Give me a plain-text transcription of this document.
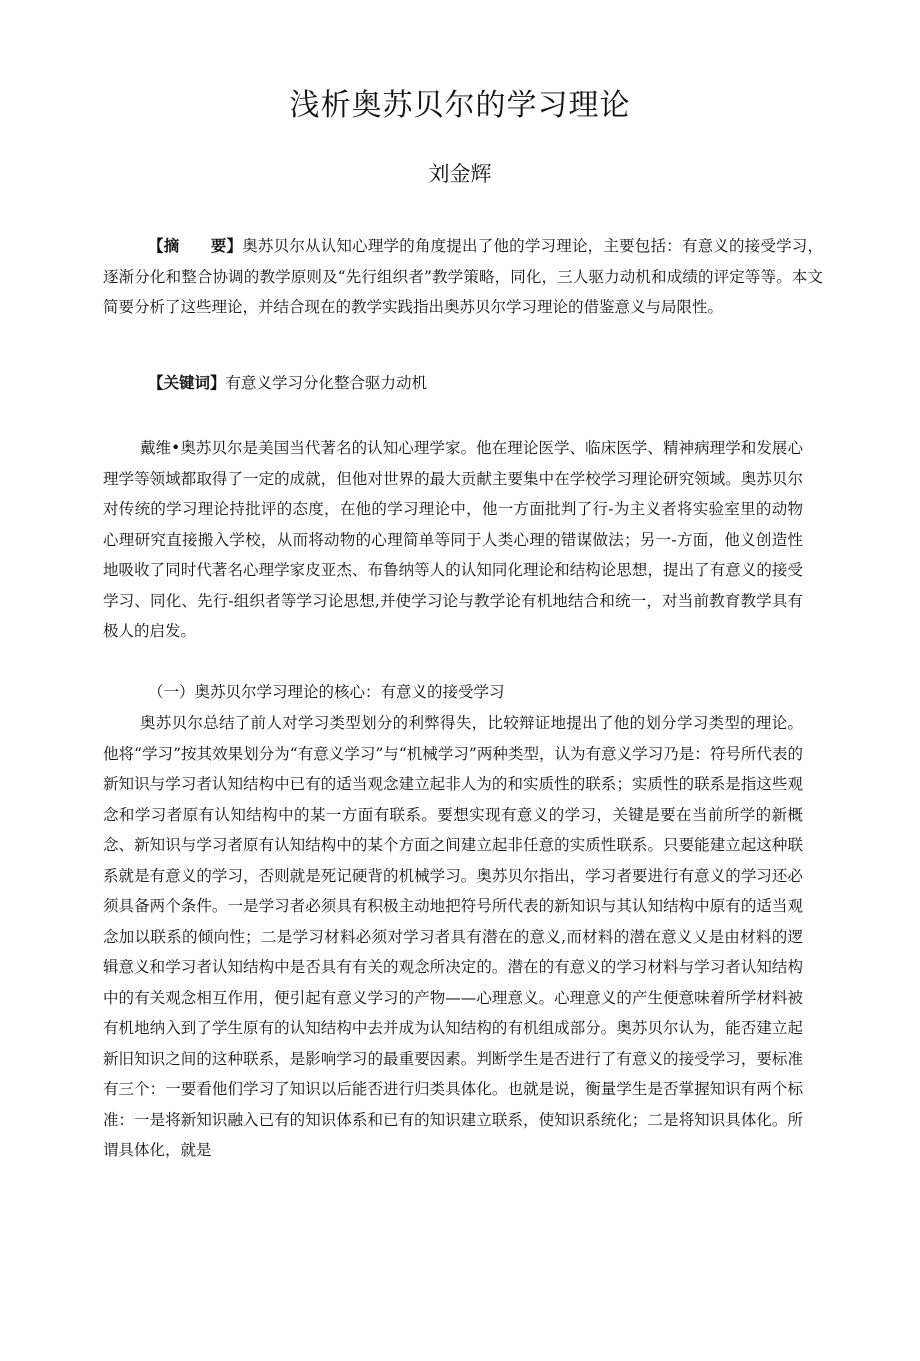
浅析奥苏贝尔的学习理论
刘金辉

【摘　　要】奥苏贝尔从认知心理学的角度提出了他的学习理论，主要包括：有意义的接受学习，逐渐分化和整合协调的教学原则及“先行组织者”教学策略，同化，三人驱力动机和成绩的评定等等。本文简要分析了这些理论，并结合现在的教学实践指出奥苏贝尔学习理论的借鉴意义与局限性。

【关键词】有意义学习分化整合驱力动机

戴维•奥苏贝尔是美国当代著名的认知心理学家。他在理论医学、临床医学、精神病理学和发展心理学等领域都取得了一定的成就，但他对世界的最大贡献主要集中在学校学习理论研究领域。奥苏贝尔对传统的学习理论持批评的态度，在他的学习理论中，他一方面批判了行-为主义者将实验室里的动物心理研究直接搬入学校，从而将动物的心理简单等同于人类心理的错谋做法；另一-方面，他义创造性地吸收了同时代著名心理学家皮亚杰、布鲁纳等人的认知同化理论和结构论思想，提出了有意义的接受学习、同化、先行-组织者等学习论思想,并使学习论与教学论有机地结合和统一，对当前教育教学具有极人的启发。

（一）奥苏贝尔学习理论的核心：有意义的接受学习

奥苏贝尔总结了前人对学习类型划分的利弊得失，比较辩证地提出了他的划分学习类型的理论。他将“学习”按其效果划分为“有意义学习”与“机械学习”两种类型，认为有意义学习乃是：符号所代表的新知识与学习者认知结构中已有的适当观念建立起非人为的和实质性的联系；实质性的联系是指这些观念和学习者原有认知结构中的某一方面有联系。要想实现有意义的学习，关键是要在当前所学的新概念、新知识与学习者原有认知结构中的某个方面之间建立起非任意的实质性联系。只要能建立起这种联系就是有意义的学习，否则就是死记硬背的机械学习。奥苏贝尔指出，学习者要进行有意义的学习还必须具备两个条件。一是学习者必须具有积极主动地把符号所代表的新知识与其认知结构中原有的适当观念加以联系的倾向性；二是学习材料必须对学习者具有潜在的意义,而材料的潜在意义乂是由材料的逻辑意义和学习者认知结构中是否具有有关的观念所决定的。潜在的有意义的学习材料与学习者认知结构中的有关观念相互作用，便引起有意义学习的产物——心理意义。心理意义的产生便意味着所学材料被有机地纳入到了学生原有的认知结构中去并成为认知结构的有机组成部分。奥苏贝尔认为，能否建立起新旧知识之间的这种联系，是影响学习的最重要因素。判断学生是否进行了有意义的接受学习，要标准有三个：一要看他们学习了知识以后能否进行归类具体化。也就是说，衡量学生是否掌握知识有两个标准：一是将新知识融入已有的知识体系和已有的知识建立联系，使知识系统化；二是将知识具体化。所谓具体化，就是
